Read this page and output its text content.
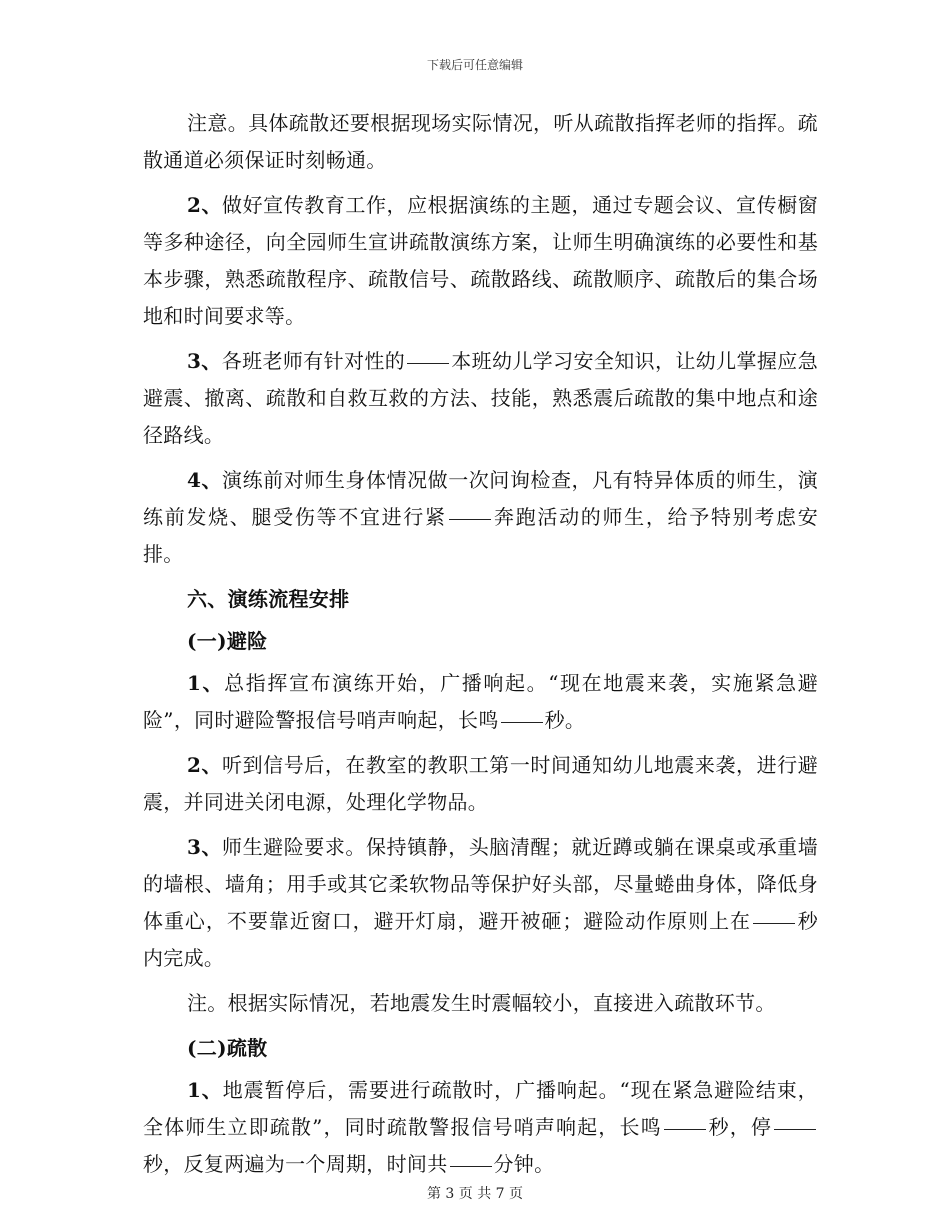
下载后可任意编辑

注意。具体疏散还要根据现场实际情况，听从疏散指挥老师的指挥。疏散通道必须保证时刻畅通。

2、做好宣传教育工作，应根据演练的主题，通过专题会议、宣传橱窗等多种途径，向全园师生宣讲疏散演练方案，让师生明确演练的必要性和基本步骤，熟悉疏散程序、疏散信号、疏散路线、疏散顺序、疏散后的集合场地和时间要求等。

3、各班老师有针对性的 本班幼儿学习安全知识，让幼儿掌握应急避震、撤离、疏散和自救互救的方法、技能，熟悉震后疏散的集中地点和途径路线。

4、演练前对师生身体情况做一次问询检查，凡有特异体质的师生，演练前发烧、腿受伤等不宜进行紧 奔跑活动的师生，给予特别考虑安排。

六、演练流程安排

(一)避险

1、总指挥宣布演练开始，广播响起。“现在地震来袭，实施紧急避险”，同时避险警报信号哨声响起，长鸣 秒。

2、听到信号后，在教室的教职工第一时间通知幼儿地震来袭，进行避震，并同进关闭电源，处理化学物品。

3、师生避险要求。保持镇静，头脑清醒；就近蹲或躺在课桌或承重墙的墙根、墙角；用手或其它柔软物品等保护好头部，尽量蜷曲身体，降低身体重心，不要靠近窗口，避开灯扇，避开被砸；避险动作原则上在 秒内完成。

注。根据实际情况，若地震发生时震幅较小，直接进入疏散环节。

(二)疏散

1、地震暂停后，需要进行疏散时，广播响起。“现在紧急避险结束，全体师生立即疏散”，同时疏散警报信号哨声响起，长鸣 秒，停秒，反复两遍为一个周期，时间共 分钟。

第 3 页 共 7 页
